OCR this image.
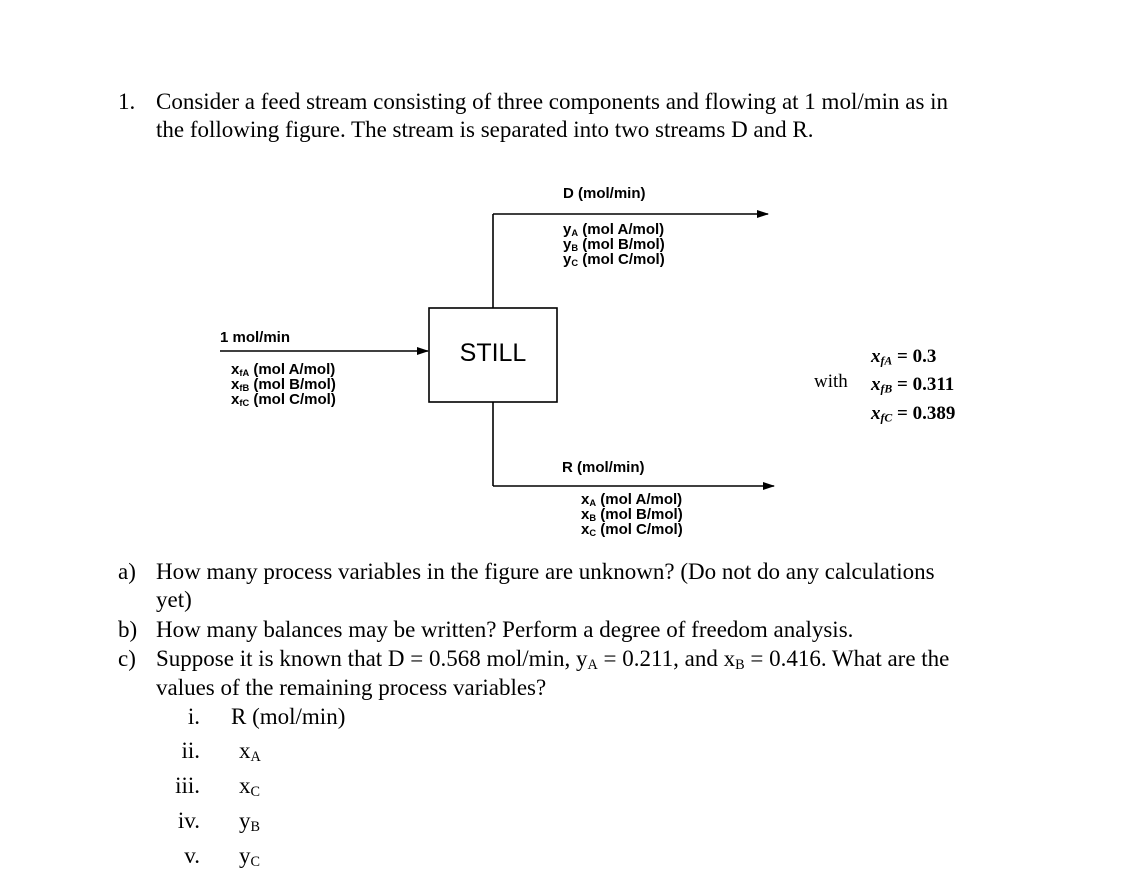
1. Consider a feed stream consisting of three components and flowing at 1 mol/min as in
the following figure. The stream is separated into two streams D and R.
STILL
D (mol/min)
$y_A$ (mol A/mol)
$y_B$ (mol B/mol)
$y_C$ (mol C/mol)
1 mol/min
$x_{fA}$ (mol A/mol)
$x_{fB}$ (mol B/mol)
$x_{fC}$ (mol C/mol)
R (mol/min)
$x_A$ (mol A/mol)
$x_B$ (mol B/mol)
$x_C$ (mol C/mol)
with
$x_{fA} = 0.3$
$x_{fB} = 0.311$
$x_{fC} = 0.389$
a) How many process variables in the figure are unknown? (Do not do any calculations
yet)
b) How many balances may be written? Perform a degree of freedom analysis.
c) Suppose it is known that D = 0.568 mol/min, $y_A = 0.211$, and $x_B = 0.416$. What are the
values of the remaining process variables?
i. R (mol/min)
ii. $x_A$
iii. $x_C$
iv. $y_B$
v. $y_C$
